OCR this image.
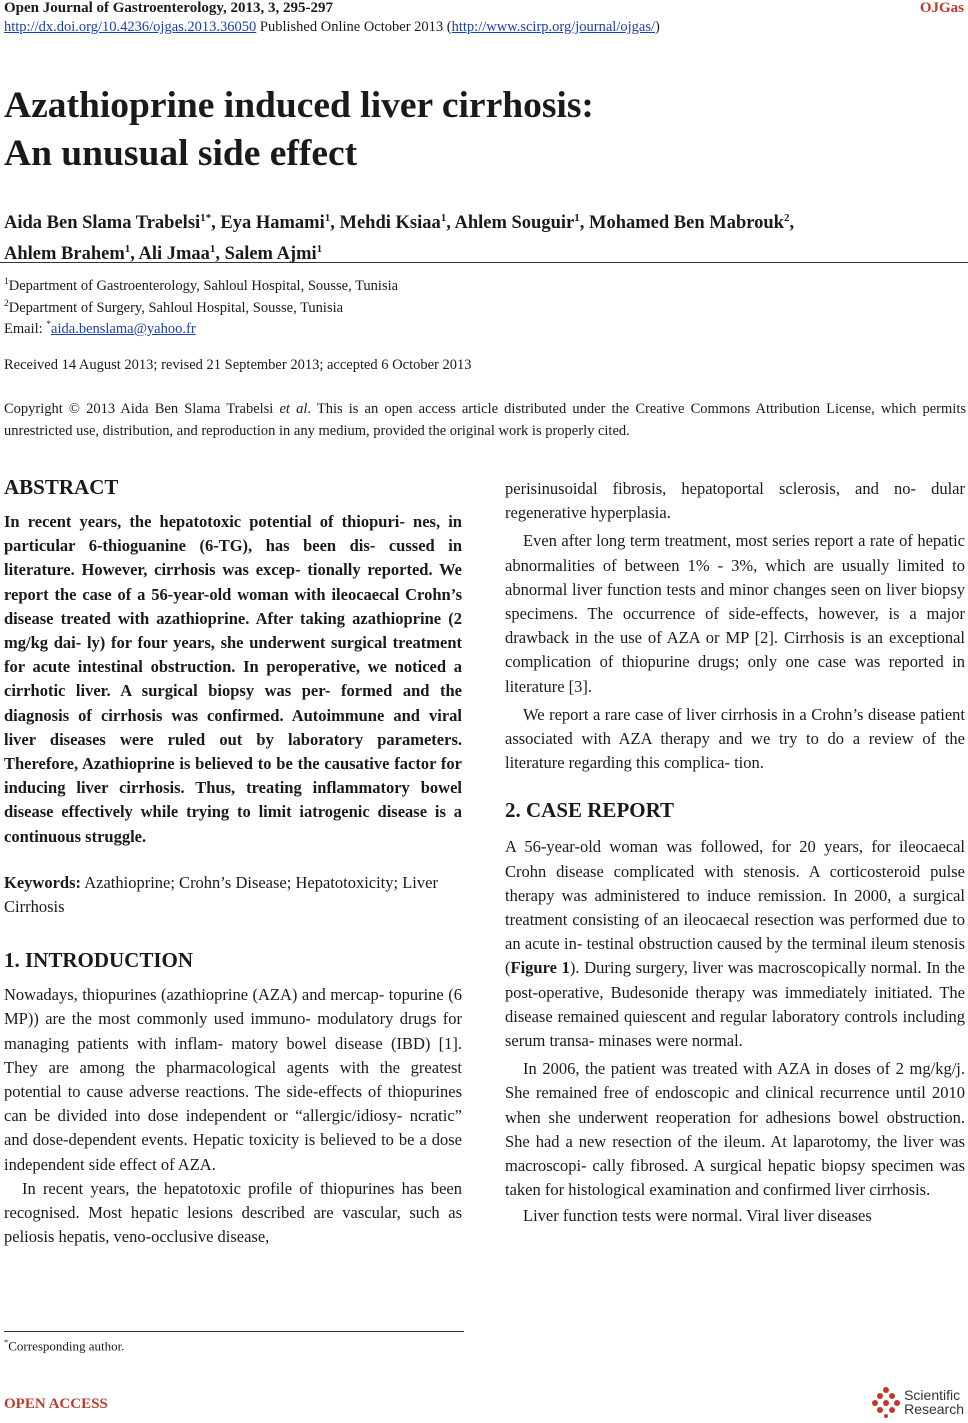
Open Journal of Gastroenterology, 2013, 3, 295-297	OJGas
http://dx.doi.org/10.4236/ojgas.2013.36050 Published Online October 2013 (http://www.scirp.org/journal/ojgas/)
Azathioprine induced liver cirrhosis:
An unusual side effect
Aida Ben Slama Trabelsi$^{1*}$, Eya Hamami$^1$, Mehdi Ksiaa$^1$, Ahlem Souguir$^1$, Mohamed Ben Mabrouk$^2$,
Ahlem Brahem$^1$, Ali Jmaa$^1$, Salem Ajmi$^1$
$^1$Department of Gastroenterology, Sahloul Hospital, Sousse, Tunisia
$^2$Department of Surgery, Sahloul Hospital, Sousse, Tunisia
Email: *aida.benslama@yahoo.fr
Received 14 August 2013; revised 21 September 2013; accepted 6 October 2013
Copyright © 2013 Aida Ben Slama Trabelsi et al. This is an open access article distributed under the Creative Commons Attribution License, which permits unrestricted use, distribution, and reproduction in any medium, provided the original work is properly cited.
ABSTRACT

In recent years, the hepatotoxic potential of thiopuri- nes, in particular 6-thioguanine (6-TG), has been dis- cussed in literature. However, cirrhosis was excep- tionally reported. We report the case of a 56-year-old woman with ileocaecal Crohn’s disease treated with azathioprine. After taking azathioprine (2 mg/kg dai- ly) for four years, she underwent surgical treatment for acute intestinal obstruction. In peroperative, we noticed a cirrhotic liver. A surgical biopsy was per- formed and the diagnosis of cirrhosis was confirmed. Autoimmune and viral liver diseases were ruled out by laboratory parameters. Therefore, Azathioprine is believed to be the causative factor for inducing liver cirrhosis. Thus, treating inflammatory bowel disease effectively while trying to limit iatrogenic disease is a continuous struggle.

Keywords: Azathioprine; Crohn’s Disease; Hepatotoxicity; Liver Cirrhosis

1. INTRODUCTION

Nowadays, thiopurines (azathioprine (AZA) and mercap- topurine (6 MP)) are the most commonly used immuno- modulatory drugs for managing patients with inflam- matory bowel disease (IBD) [1]. They are among the pharmacological agents with the greatest potential to cause adverse reactions. The side-effects of thiopurines can be divided into dose independent or “allergic/idiosy- ncratic” and dose-dependent events. Hepatic toxicity is believed to be a dose independent side effect of AZA.

In recent years, the hepatotoxic profile of thiopurines has been recognised. Most hepatic lesions described are vascular, such as peliosis hepatis, veno-occlusive disease,

perisinusoidal fibrosis, hepatoportal sclerosis, and no- dular regenerative hyperplasia.

Even after long term treatment, most series report a rate of hepatic abnormalities of between 1% - 3%, which are usually limited to abnormal liver function tests and minor changes seen on liver biopsy specimens. The occurrence of side-effects, however, is a major drawback in the use of AZA or MP [2]. Cirrhosis is an exceptional complication of thiopurine drugs; only one case was reported in literature [3].

We report a rare case of liver cirrhosis in a Crohn’s disease patient associated with AZA therapy and we try to do a review of the literature regarding this complica- tion.

2. CASE REPORT

A 56-year-old woman was followed, for 20 years, for ileocaecal Crohn disease complicated with stenosis. A corticosteroid pulse therapy was administered to induce remission. In 2000, a surgical treatment consisting of an ileocaecal resection was performed due to an acute in- testinal obstruction caused by the terminal ileum stenosis (Figure 1). During surgery, liver was macroscopically normal. In the post-operative, Budesonide therapy was immediately initiated. The disease remained quiescent and regular laboratory controls including serum transa- minases were normal.

In 2006, the patient was treated with AZA in doses of 2 mg/kg/j. She remained free of endoscopic and clinical recurrence until 2010 when she underwent reoperation for adhesions bowel obstruction. She had a new resection of the ileum. At laparotomy, the liver was macroscopi- cally fibrosed. A surgical hepatic biopsy specimen was taken for histological examination and confirmed liver cirrhosis.

Liver function tests were normal. Viral liver diseases

*Corresponding author.
OPEN ACCESS
Scientific
Research
